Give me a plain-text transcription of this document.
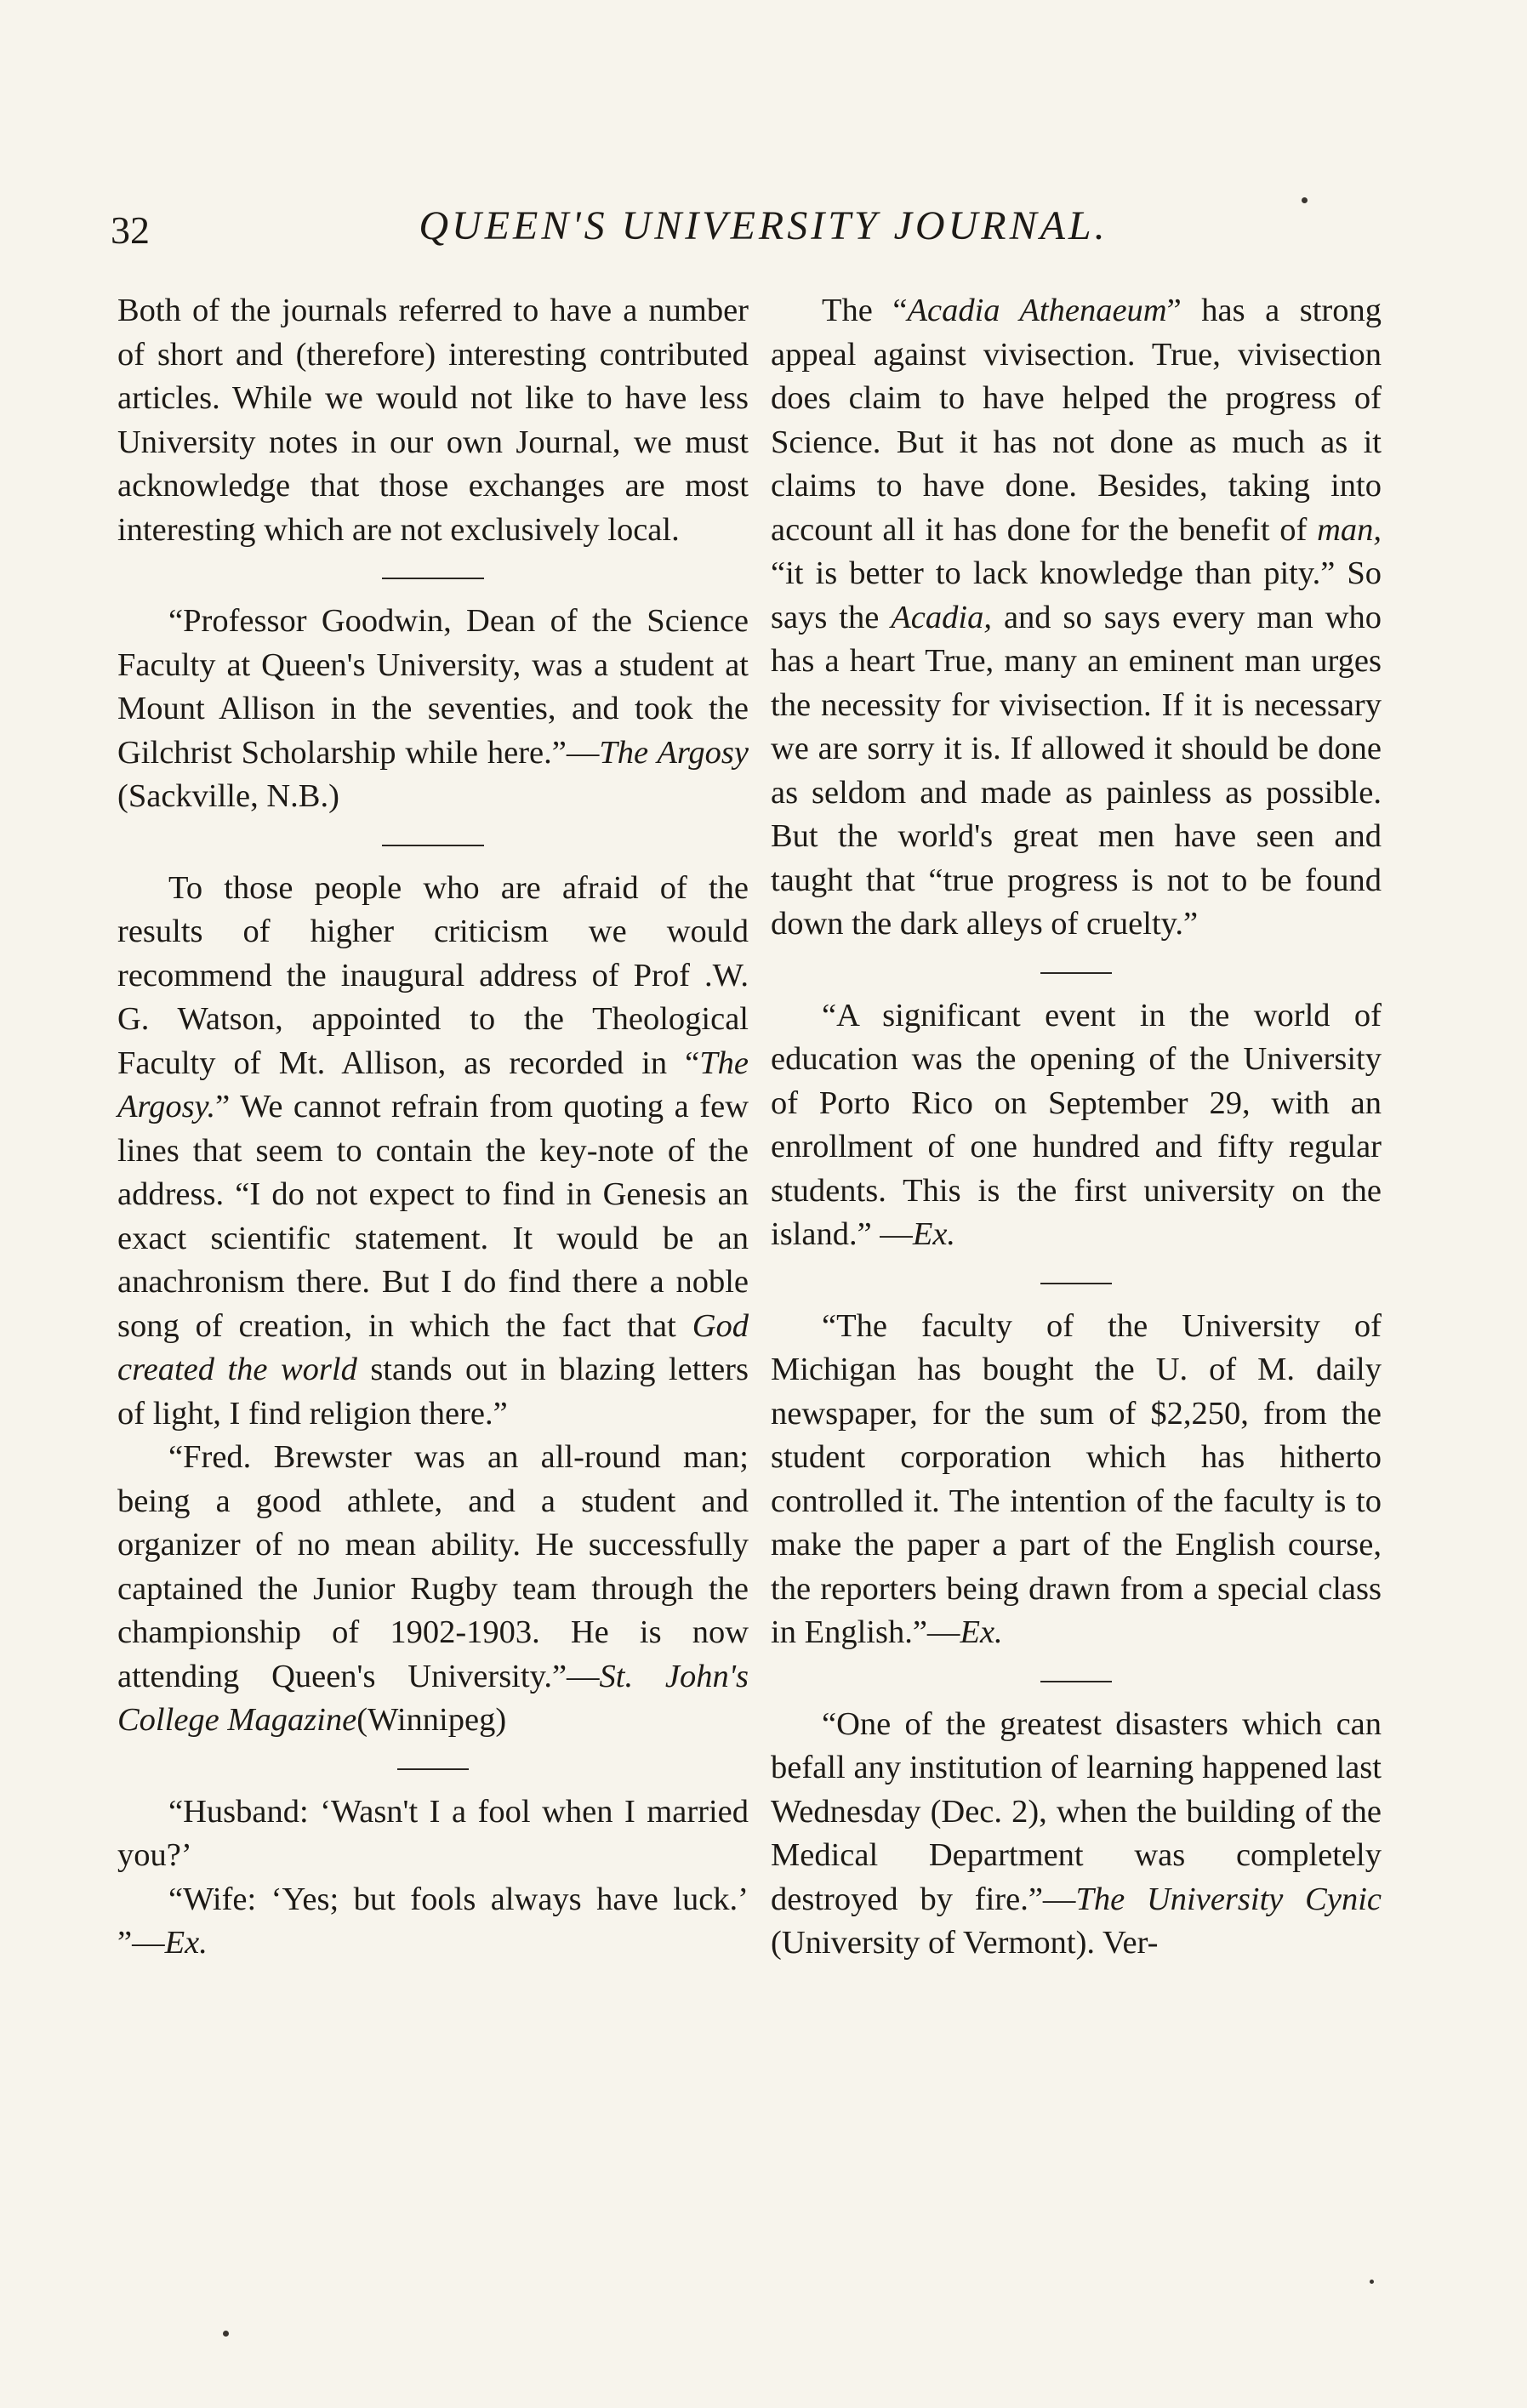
32	QUEEN'S UNIVERSITY JOURNAL.

Both of the journals referred to have a number of short and (therefore) interesting contributed articles. While we would not like to have less University notes in our own Journal, we must acknowledge that those exchanges are most interesting which are not exclusively local.

“Professor Goodwin, Dean of the Science Faculty at Queen's University, was a student at Mount Allison in the seventies, and took the Gilchrist Scholarship while here.”—The Argosy (Sackville, N.B.)

To those people who are afraid of the results of higher criticism we would recommend the inaugural address of Prof .W. G. Watson, appointed to the Theological Faculty of Mt. Allison, as recorded in “The Argosy.” We cannot refrain from quoting a few lines that seem to contain the key-note of the address. “I do not expect to find in Genesis an exact scientific statement. It would be an anachronism there. But I do find there a noble song of creation, in which the fact that God created the world stands out in blazing letters of light, I find religion there.”

“Fred. Brewster was an all-round man; being a good athlete, and a student and organizer of no mean ability. He successfully captained the Junior Rugby team through the championship of 1902-1903. He is now attending Queen's University.”—St. John's College Magazine(Winnipeg)

“Husband: ‘Wasn't I a fool when I married you?’

“Wife: ‘Yes; but fools always have luck.’ ”—Ex.

The “Acadia Athenaeum” has a strong appeal against vivisection. True, vivisection does claim to have helped the progress of Science. But it has not done as much as it claims to have done. Besides, taking into account all it has done for the benefit of man, “it is better to lack knowledge than pity.” So says the Acadia, and so says every man who has a heart True, many an eminent man urges the necessity for vivisection. If it is necessary we are sorry it is. If allowed it should be done as seldom and made as painless as possible. But the world's great men have seen and taught that “true progress is not to be found down the dark alleys of cruelty.”

“A significant event in the world of education was the opening of the University of Porto Rico on September 29, with an enrollment of one hundred and fifty regular students. This is the first university on the island.” —Ex.

“The faculty of the University of Michigan has bought the U. of M. daily newspaper, for the sum of $2,250, from the student corporation which has hitherto controlled it. The intention of the faculty is to make the paper a part of the English course, the reporters being drawn from a special class in English.”—Ex.

“One of the greatest disasters which can befall any institution of learning happened last Wednesday (Dec. 2), when the building of the Medical Department was completely destroyed by fire.”—The University Cynic (University of Vermont). Ver-
